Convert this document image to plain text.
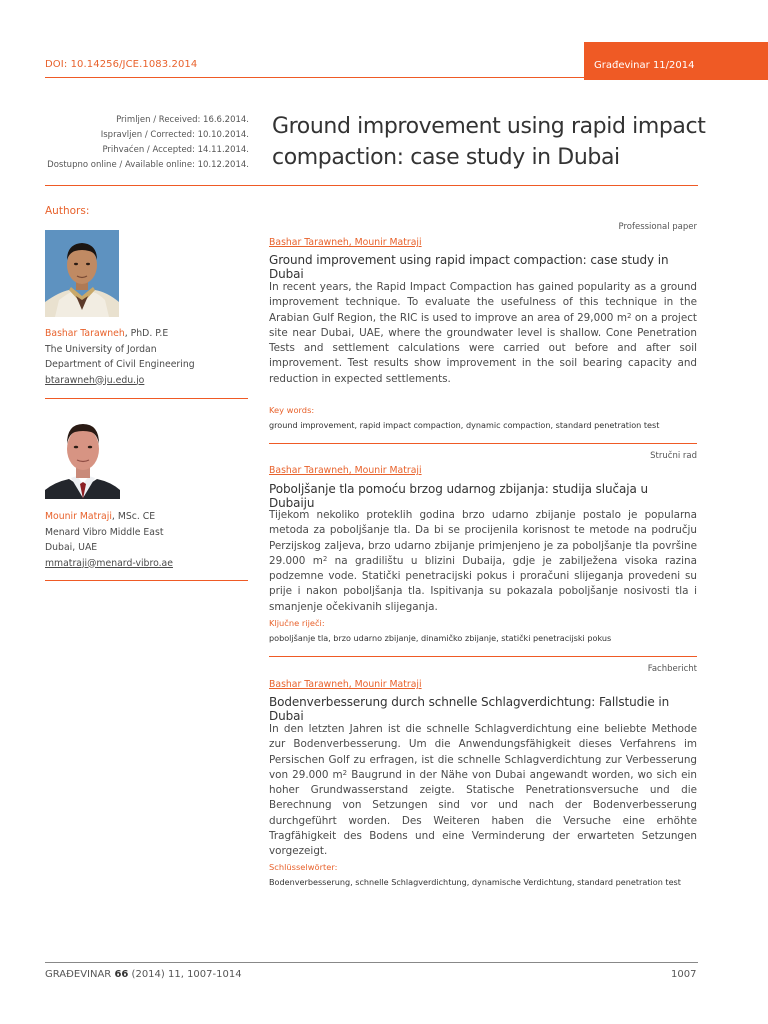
DOI: 10.14256/JCE.1083.2014	Građevinar 11/2014
Primljen / Received: 16.6.2014.
Ispravljen / Corrected: 10.10.2014.
Prihvaćen / Accepted: 14.11.2014.
Dostupno online / Available online: 10.12.2014.
Ground improvement using rapid impact compaction: case study in Dubai
Authors:
Bashar Tarawneh, PhD. P.E
The University of Jordan
Department of Civil Engineering
btarawneh@ju.edu.jo
Mounir Matraji, MSc. CE
Menard Vibro Middle East
Dubai, UAE
mmatraji@menard-vibro.ae
Professional paper
Bashar Tarawneh, Mounir Matraji
Ground improvement using rapid impact compaction: case study in Dubai
In recent years, the Rapid Impact Compaction has gained popularity as a ground improvement technique. To evaluate the usefulness of this technique in the Arabian Gulf Region, the RIC is used to improve an area of 29,000 $m^2$ on a project site near Dubai, UAE, where the groundwater level is shallow. Cone Penetration Tests and settlement calculations were carried out before and after soil improvement. Test results show improvement in the soil bearing capacity and reduction in expected settlements.
Key words:
ground improvement, rapid impact compaction, dynamic compaction, standard penetration test
Stručni rad
Bashar Tarawneh, Mounir Matraji
Poboljšanje tla pomoću brzog udarnog zbijanja: studija slučaja u Dubaiju
Tijekom nekoliko proteklih godina brzo udarno zbijanje postalo je popularna metoda za poboljšanje tla. Da bi se procijenila korisnost te metode na području Perzijskog zaljeva, brzo udarno zbijanje primjenjeno je za poboljšanje tla površine 29.000 $m^2$ na gradilištu u blizini Dubaija, gdje je zabilježena visoka razina podzemne vode. Statički penetracijski pokus i proračuni slijeganja provedeni su prije i nakon poboljšanja tla. Ispitivanja su pokazala poboljšanje nosivosti tla i smanjenje očekivanih slijeganja.
Ključne riječi:
poboljšanje tla, brzo udarno zbijanje, dinamičko zbijanje, statički penetracijski pokus
Fachbericht
Bashar Tarawneh, Mounir Matraji
Bodenverbesserung durch schnelle Schlagverdichtung: Fallstudie in Dubai
In den letzten Jahren ist die schnelle Schlagverdichtung eine beliebte Methode zur Bodenverbesserung. Um die Anwendungsfähigkeit dieses Verfahrens im Persischen Golf zu erfragen, ist die schnelle Schlagverdichtung zur Verbesserung von 29.000 $m^2$ Baugrund in der Nähe von Dubai angewandt worden, wo sich ein hoher Grundwasserstand zeigte. Statische Penetrationsversuche und die Berechnung von Setzungen sind vor und nach der Bodenverbesserung durchgeführt worden. Des Weiteren haben die Versuche eine erhöhte Tragfähigkeit des Bodens und eine Verminderung der erwarteten Setzungen vorgezeigt.
Schlüsselwörter:
Bodenverbesserung, schnelle Schlagverdichtung, dynamische Verdichtung, standard penetration test
GRAĐEVINAR 66 (2014) 11, 1007-1014	1007
